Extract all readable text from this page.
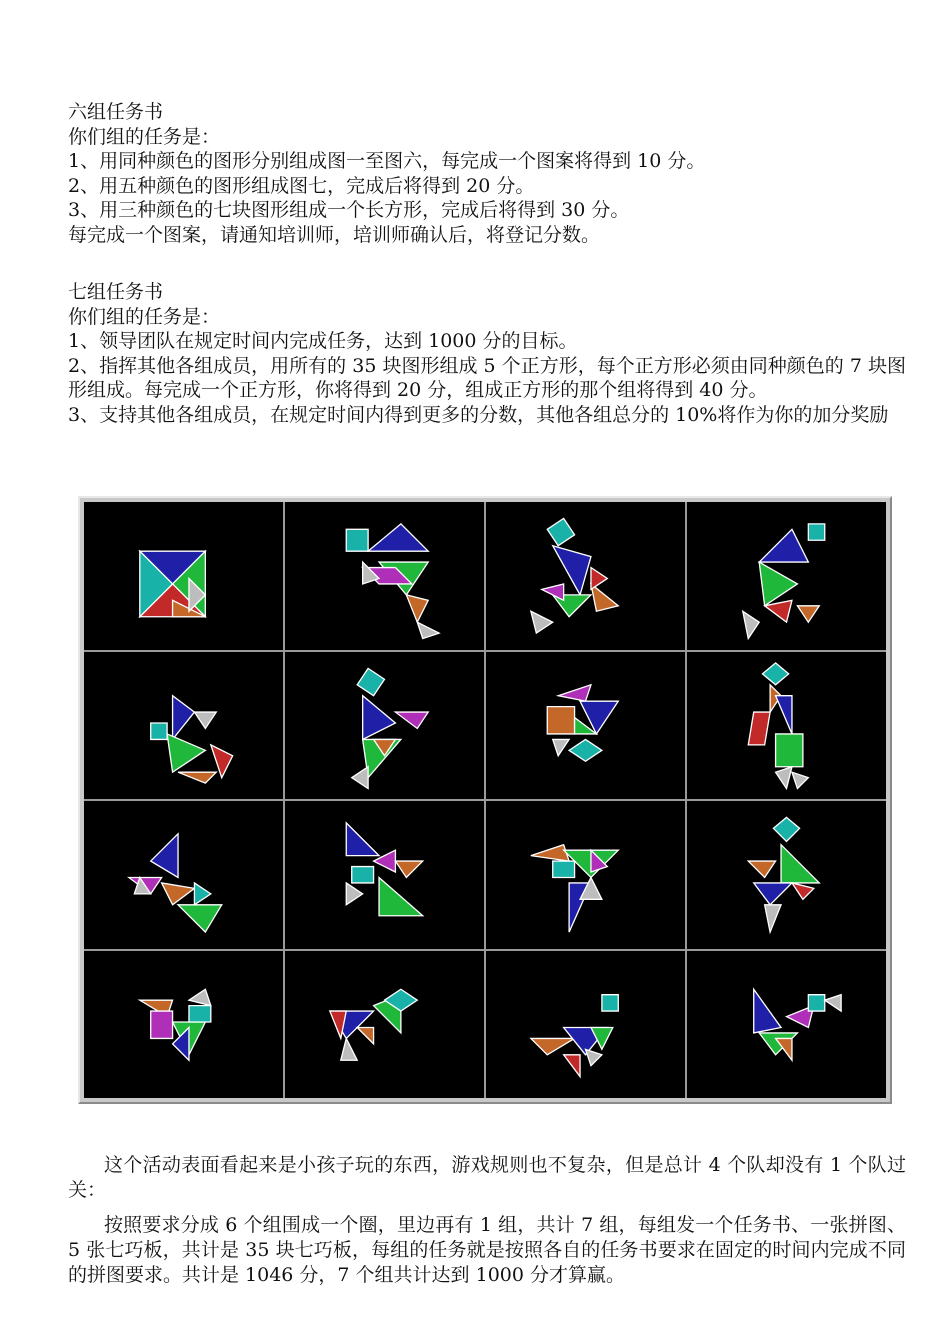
六组任务书

你们组的任务是：

1、用同种颜色的图形分别组成图一至图六，每完成一个图案将得到 10 分。

2、用五种颜色的图形组成图七，完成后将得到 20 分。

3、用三种颜色的七块图形组成一个长方形，完成后将得到 30 分。

每完成一个图案，请通知培训师，培训师确认后，将登记分数。

七组任务书

你们组的任务是：

1、领导团队在规定时间内完成任务，达到 1000 分的目标。

2、指挥其他各组成员，用所有的 35 块图形组成 5 个正方形，每个正方形必须由同种颜色的 7 块图形组成。每完成一个正方形，你将得到 20 分，组成正方形的那个组将得到 40 分。

3、支持其他各组成员，在规定时间内得到更多的分数，其他各组总分的 10%将作为你的加分奖励

这个活动表面看起来是小孩子玩的东西，游戏规则也不复杂，但是总计 4 个队却没有 1 个队过关：

按照要求分成 6 个组围成一个圈，里边再有 1 组，共计 7 组，每组发一个任务书、一张拼图、5 张七巧板，共计是 35 块七巧板，每组的任务就是按照各自的任务书要求在固定的时间内完成不同的拼图要求。共计是 1046 分，7 个组共计达到 1000 分才算赢。
